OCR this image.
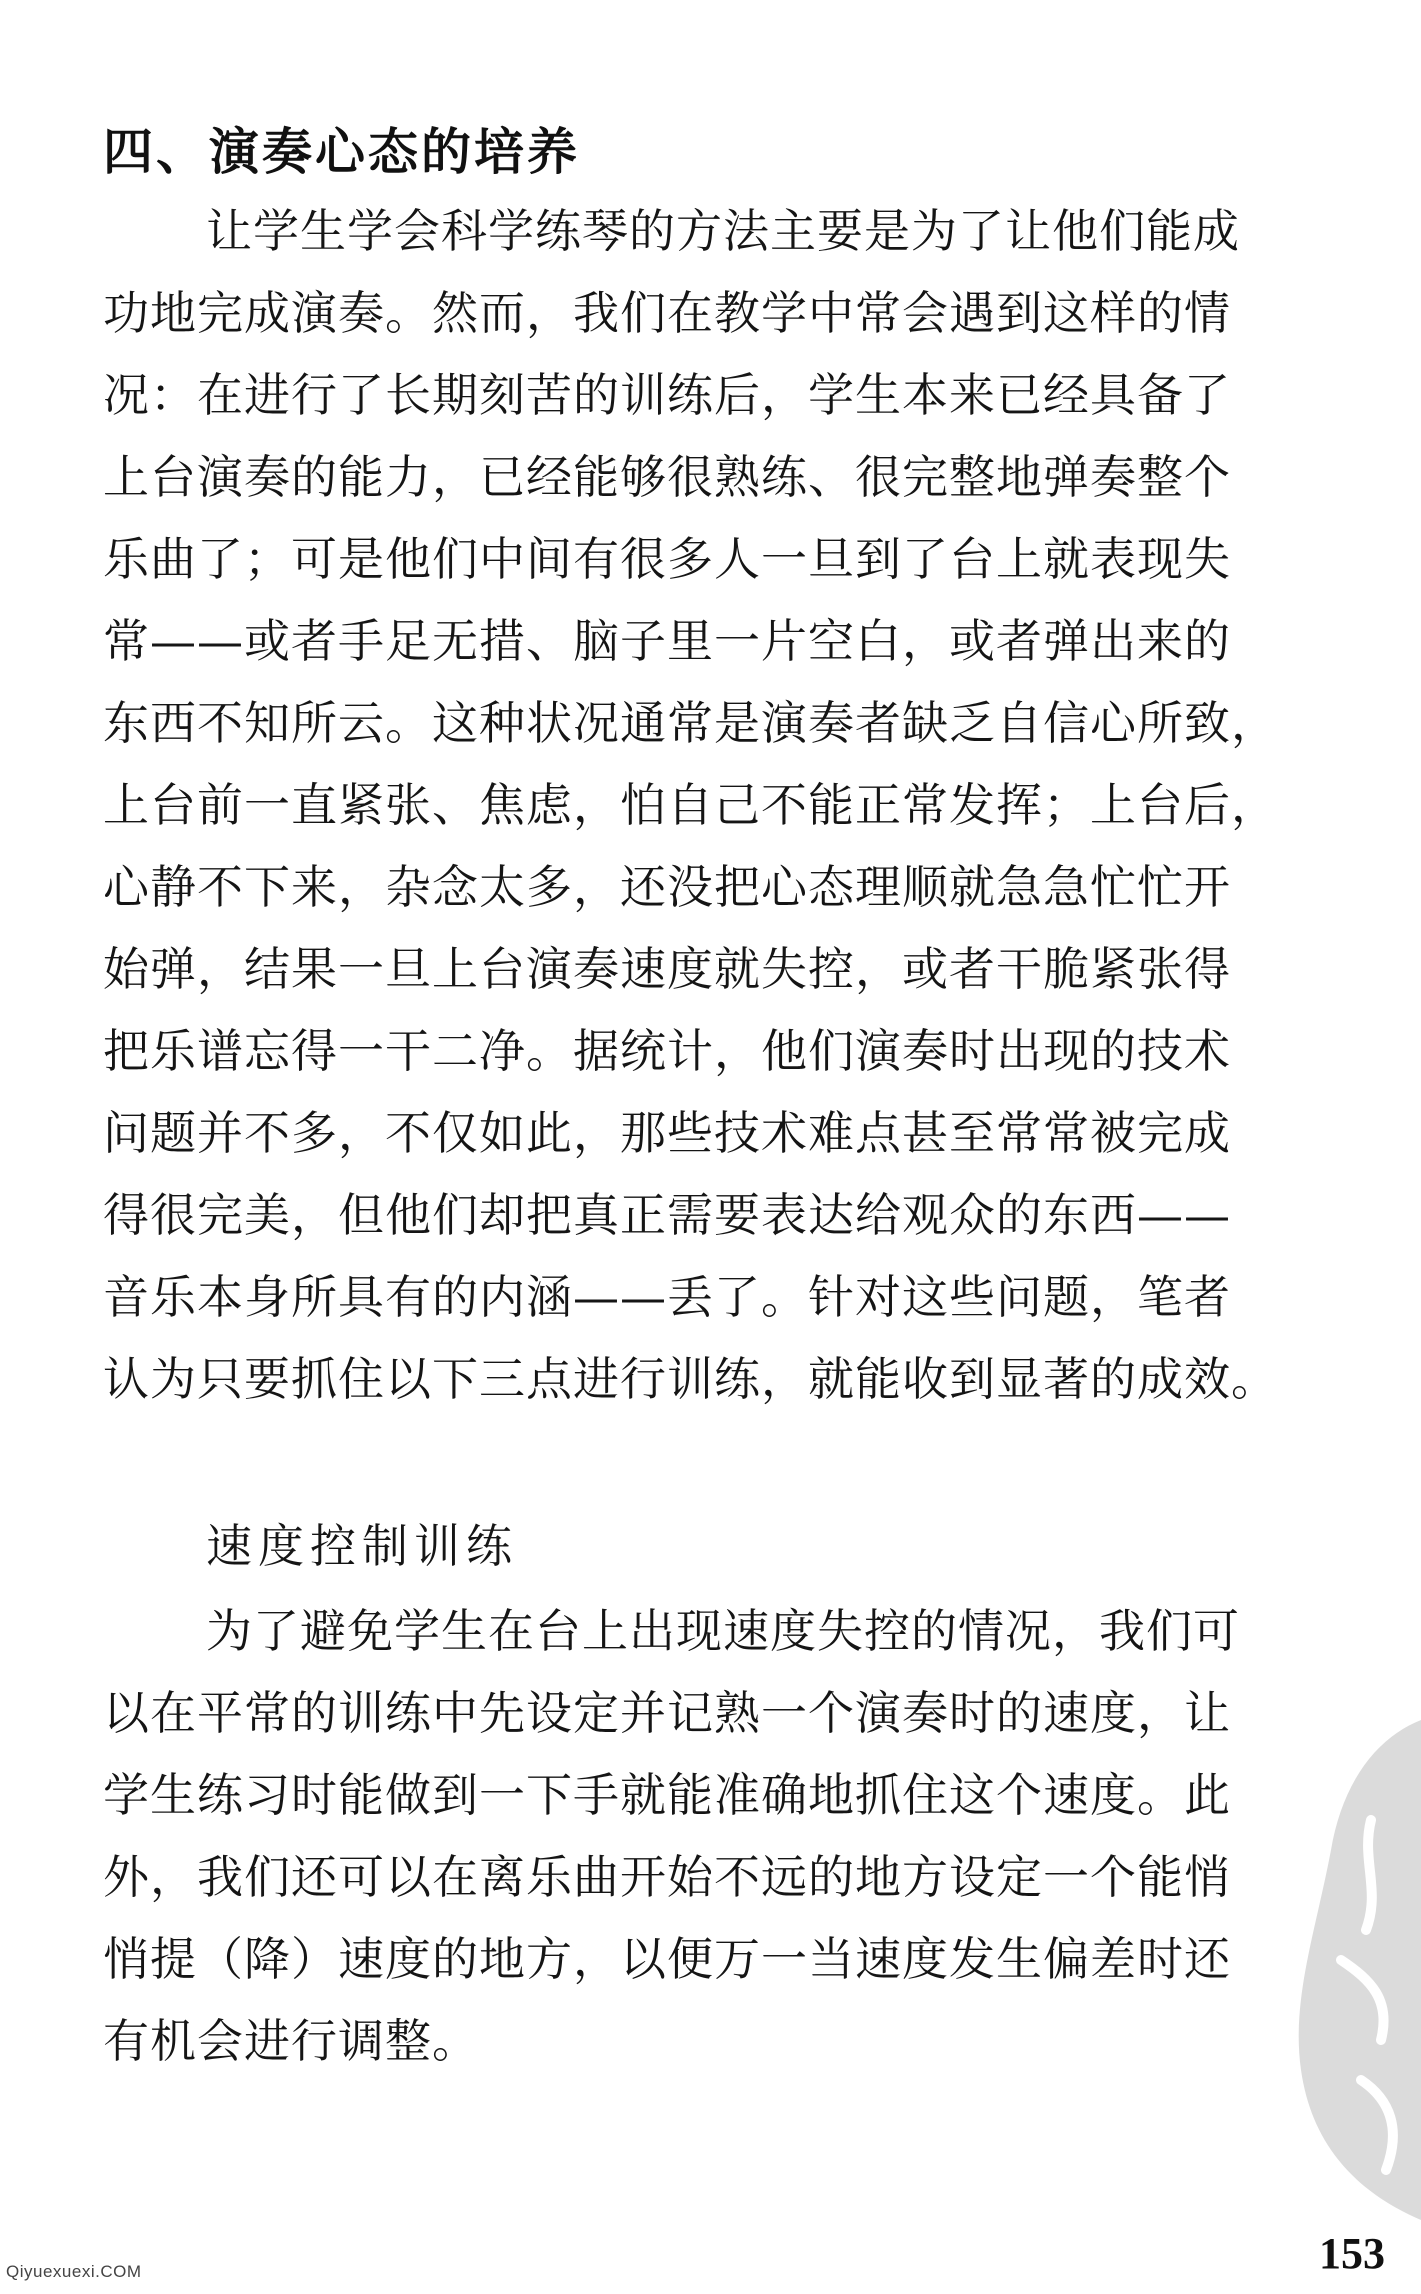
四、演奏心态的培养
让学生学会科学练琴的方法主要是为了让他们能成
功地完成演奏。然而，我们在教学中常会遇到这样的情
况：在进行了长期刻苦的训练后，学生本来已经具备了
上台演奏的能力，已经能够很熟练、很完整地弹奏整个
乐曲了；可是他们中间有很多人一旦到了台上就表现失
常——或者手足无措、脑子里一片空白，或者弹出来的
东西不知所云。这种状况通常是演奏者缺乏自信心所致，
上台前一直紧张、焦虑，怕自己不能正常发挥；上台后，
心静不下来，杂念太多，还没把心态理顺就急急忙忙开
始弹，结果一旦上台演奏速度就失控，或者干脆紧张得
把乐谱忘得一干二净。据统计，他们演奏时出现的技术
问题并不多，不仅如此，那些技术难点甚至常常被完成
得很完美，但他们却把真正需要表达给观众的东西——
音乐本身所具有的内涵——丢了。针对这些问题，笔者
认为只要抓住以下三点进行训练，就能收到显著的成效。
速度控制训练
为了避免学生在台上出现速度失控的情况，我们可
以在平常的训练中先设定并记熟一个演奏时的速度，让
学生练习时能做到一下手就能准确地抓住这个速度。此
外，我们还可以在离乐曲开始不远的地方设定一个能悄
悄提（降）速度的地方，以便万一当速度发生偏差时还
有机会进行调整。
Qiyuexuexi.COM	153
